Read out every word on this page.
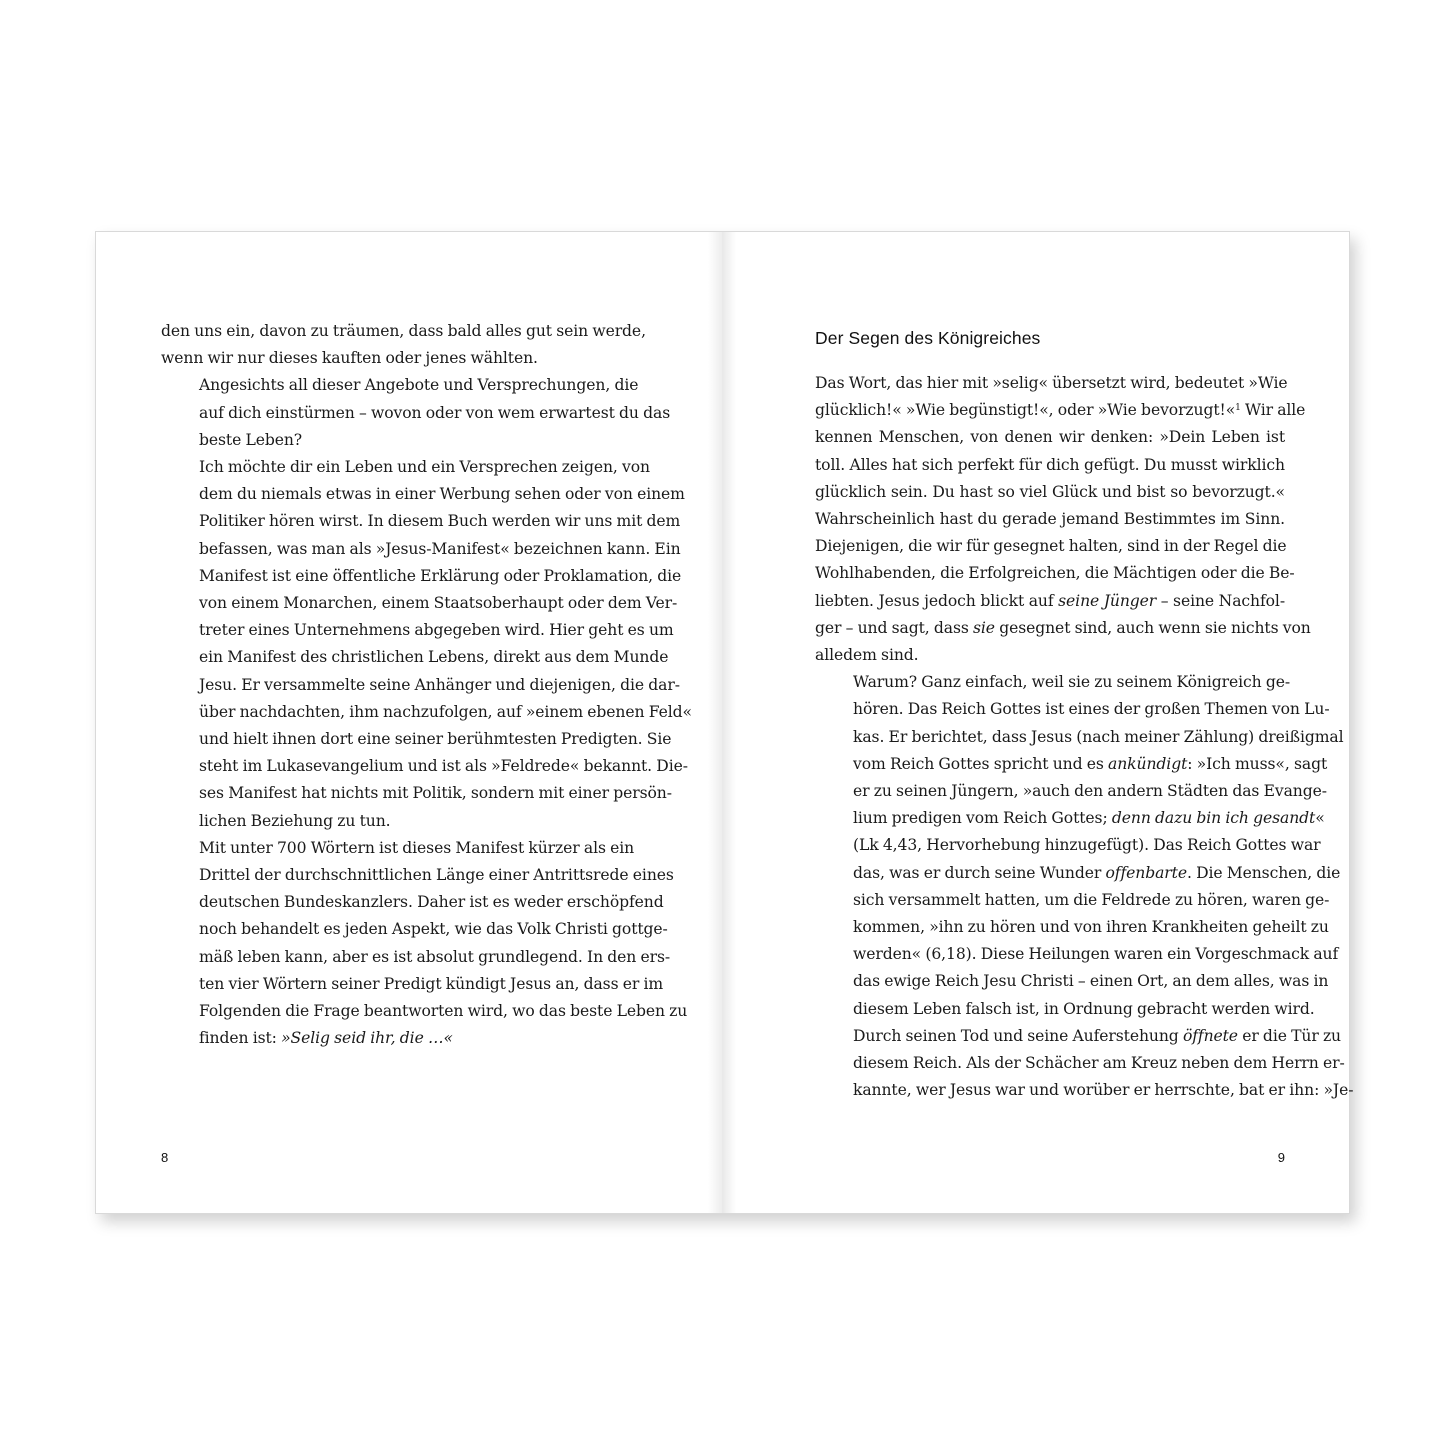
den uns ein, davon zu träumen, dass bald alles gut sein werde,
wenn wir nur dieses kauften oder jenes wählten.

Angesichts all dieser Angebote und Versprechungen, die
auf dich einstürmen – wovon oder von wem erwartest du das
beste Leben?

Ich möchte dir ein Leben und ein Versprechen zeigen, von
dem du niemals etwas in einer Werbung sehen oder von einem
Politiker hören wirst. In diesem Buch werden wir uns mit dem
befassen, was man als »Jesus-Manifest« bezeichnen kann. Ein
Manifest ist eine öffentliche Erklärung oder Proklamation, die
von einem Monarchen, einem Staatsoberhaupt oder dem Ver-
treter eines Unternehmens abgegeben wird. Hier geht es um
ein Manifest des christlichen Lebens, direkt aus dem Munde
Jesu. Er versammelte seine Anhänger und diejenigen, die dar-
über nachdachten, ihm nachzufolgen, auf »einem ebenen Feld«
und hielt ihnen dort eine seiner berühmtesten Predigten. Sie
steht im Lukasevangelium und ist als »Feldrede« bekannt. Die-
ses Manifest hat nichts mit Politik, sondern mit einer persön-
lichen Beziehung zu tun.

Mit unter 700 Wörtern ist dieses Manifest kürzer als ein
Drittel der durchschnittlichen Länge einer Antrittsrede eines
deutschen Bundeskanzlers. Daher ist es weder erschöpfend
noch behandelt es jeden Aspekt, wie das Volk Christi gottge-
mäß leben kann, aber es ist absolut grundlegend. In den ers-
ten vier Wörtern seiner Predigt kündigt Jesus an, dass er im
Folgenden die Frage beantworten wird, wo das beste Leben zu
finden ist: »Selig seid ihr, die …«

8
Der Segen des Königreiches

Das Wort, das hier mit »selig« übersetzt wird, bedeutet »Wie
glücklich!« »Wie begünstigt!«, oder »Wie bevorzugt!«$^1$ Wir alle
kennen Menschen, von denen wir denken: »Dein Leben ist
toll. Alles hat sich perfekt für dich gefügt. Du musst wirklich
glücklich sein. Du hast so viel Glück und bist so bevorzugt.«
Wahrscheinlich hast du gerade jemand Bestimmtes im Sinn.
Diejenigen, die wir für gesegnet halten, sind in der Regel die
Wohlhabenden, die Erfolgreichen, die Mächtigen oder die Be-
liebten. Jesus jedoch blickt auf seine Jünger – seine Nachfol-
ger – und sagt, dass sie gesegnet sind, auch wenn sie nichts von
alledem sind.

Warum? Ganz einfach, weil sie zu seinem Königreich ge-
hören. Das Reich Gottes ist eines der großen Themen von Lu-
kas. Er berichtet, dass Jesus (nach meiner Zählung) dreißigmal
vom Reich Gottes spricht und es ankündigt: »Ich muss«, sagt
er zu seinen Jüngern, »auch den andern Städten das Evange-
lium predigen vom Reich Gottes; denn dazu bin ich gesandt«
(Lk 4,43, Hervorhebung hinzugefügt). Das Reich Gottes war
das, was er durch seine Wunder offenbarte. Die Menschen, die
sich versammelt hatten, um die Feldrede zu hören, waren ge-
kommen, »ihn zu hören und von ihren Krankheiten geheilt zu
werden« (6,18). Diese Heilungen waren ein Vorgeschmack auf
das ewige Reich Jesu Christi – einen Ort, an dem alles, was in
diesem Leben falsch ist, in Ordnung gebracht werden wird.
Durch seinen Tod und seine Auferstehung öffnete er die Tür zu
diesem Reich. Als der Schächer am Kreuz neben dem Herrn er-
kannte, wer Jesus war und worüber er herrschte, bat er ihn: »Je-

9
